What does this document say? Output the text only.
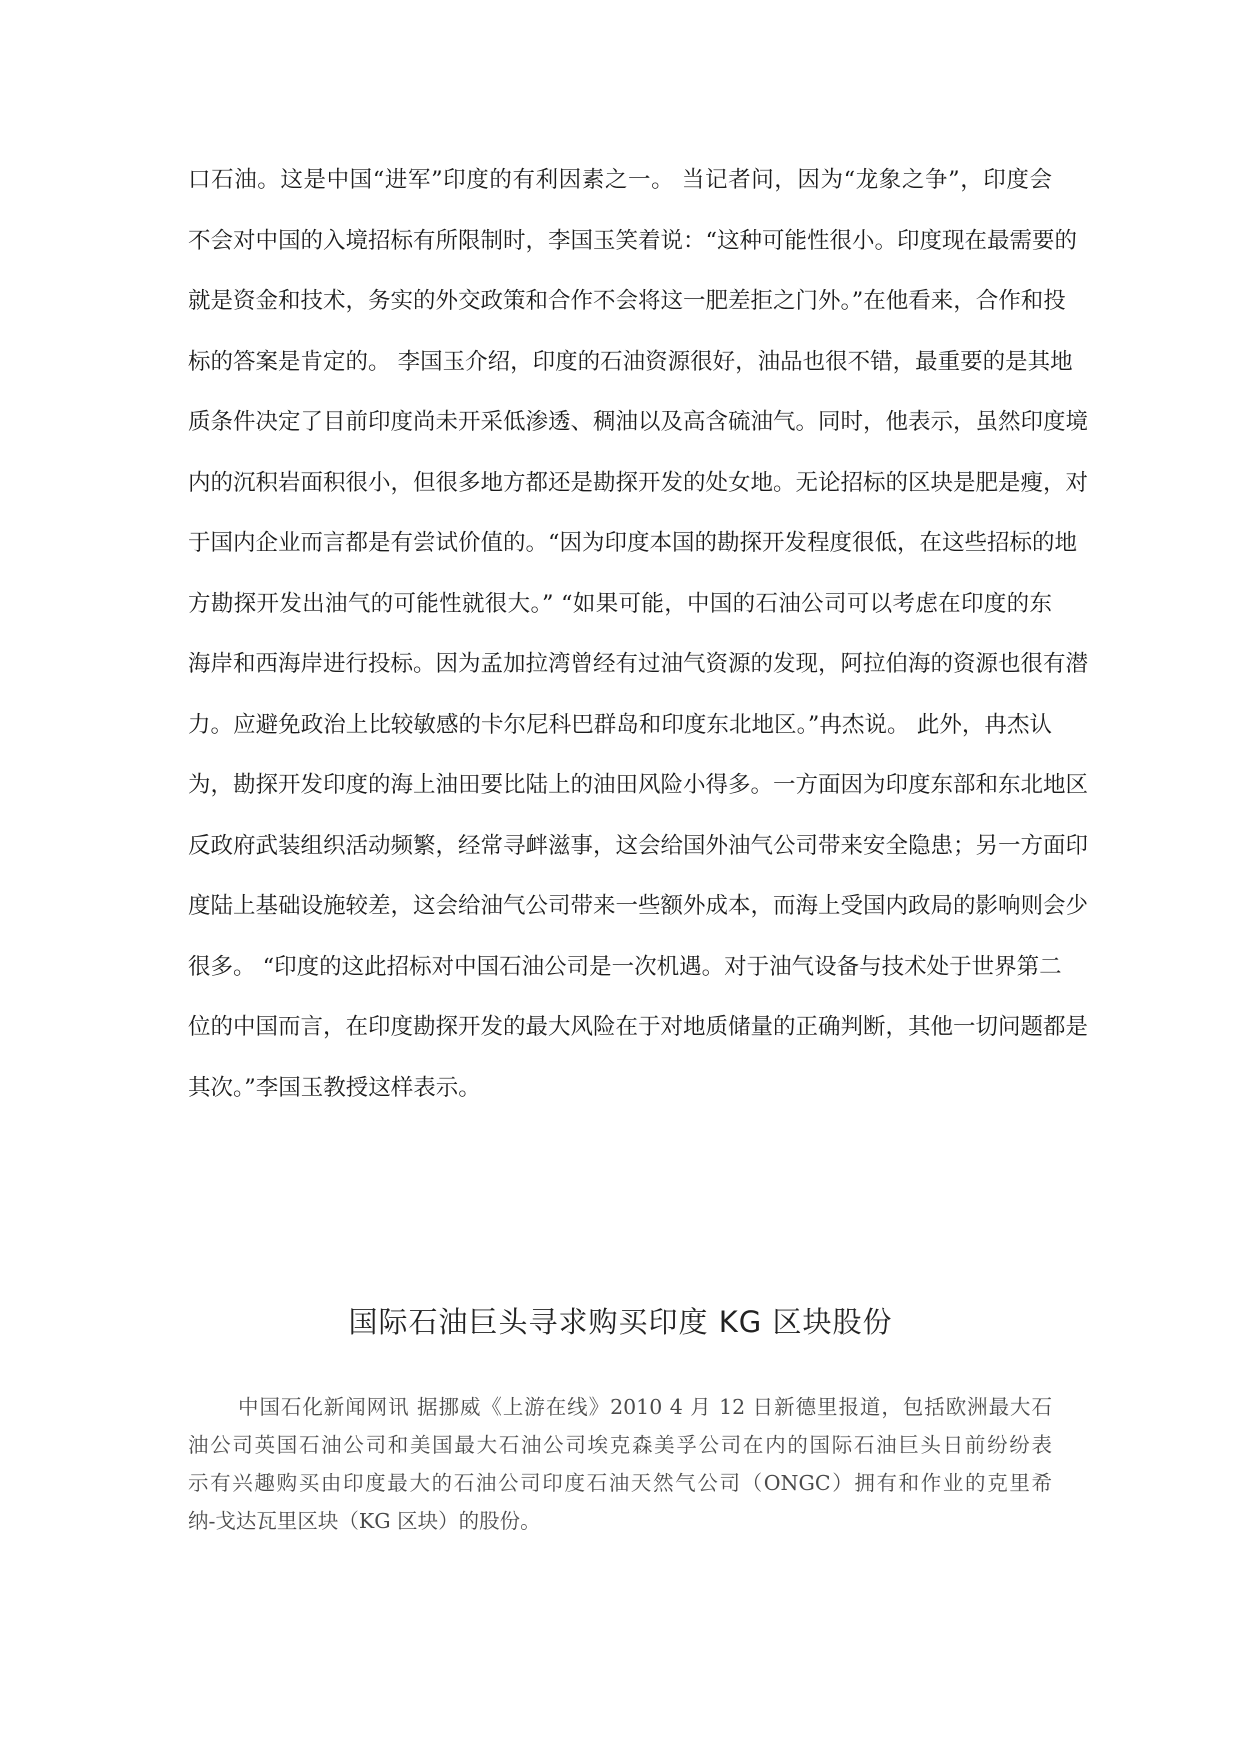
口石油。这是中国“进军”印度的有利因素之一。 当记者问，因为“龙象之争”，印度会
不会对中国的入境招标有所限制时，李国玉笑着说：“这种可能性很小。印度现在最需要的
就是资金和技术，务实的外交政策和合作不会将这一肥差拒之门外。”在他看来，合作和投
标的答案是肯定的。 李国玉介绍，印度的石油资源很好，油品也很不错，最重要的是其地
质条件决定了目前印度尚未开采低渗透、稠油以及高含硫油气。同时，他表示，虽然印度境
内的沉积岩面积很小，但很多地方都还是勘探开发的处女地。无论招标的区块是肥是瘦，对
于国内企业而言都是有尝试价值的。“因为印度本国的勘探开发程度很低，在这些招标的地
方勘探开发出油气的可能性就很大。” “如果可能，中国的石油公司可以考虑在印度的东
海岸和西海岸进行投标。因为孟加拉湾曾经有过油气资源的发现，阿拉伯海的资源也很有潜
力。应避免政治上比较敏感的卡尔尼科巴群岛和印度东北地区。”冉杰说。 此外，冉杰认
为，勘探开发印度的海上油田要比陆上的油田风险小得多。一方面因为印度东部和东北地区
反政府武装组织活动频繁，经常寻衅滋事，这会给国外油气公司带来安全隐患；另一方面印
度陆上基础设施较差，这会给油气公司带来一些额外成本，而海上受国内政局的影响则会少
很多。 “印度的这此招标对中国石油公司是一次机遇。对于油气设备与技术处于世界第二
位的中国而言，在印度勘探开发的最大风险在于对地质储量的正确判断，其他一切问题都是
其次。”李国玉教授这样表示。
国际石油巨头寻求购买印度 KG 区块股份
中国石化新闻网讯 据挪威《上游在线》2010 4 月 12 日新德里报道，包括欧洲最大石
油公司英国石油公司和美国最大石油公司埃克森美孚公司在内的国际石油巨头日前纷纷表
示有兴趣购买由印度最大的石油公司印度石油天然气公司（ONGC）拥有和作业的克里希
纳-戈达瓦里区块（KG 区块）的股份。
